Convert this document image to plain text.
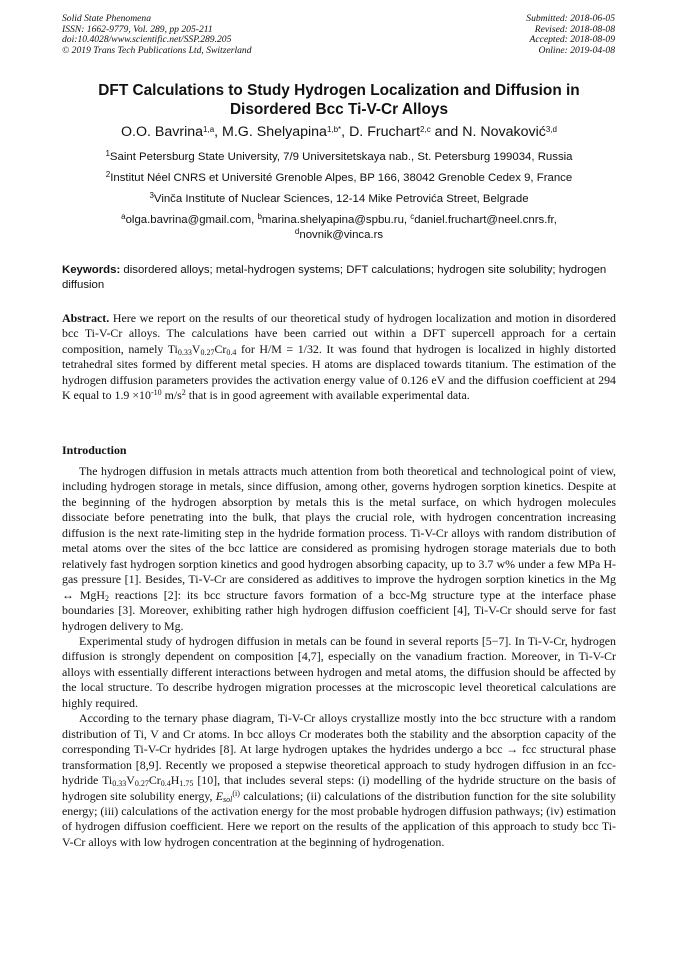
Solid State Phenomena
ISSN: 1662-9779, Vol. 289, pp 205-211
doi:10.4028/www.scientific.net/SSP.289.205
© 2019 Trans Tech Publications Ltd, Switzerland
Submitted: 2018-06-05
Revised: 2018-08-08
Accepted: 2018-08-09
Online: 2019-04-08
DFT Calculations to Study Hydrogen Localization and Diffusion in
Disordered Bcc Ti-V-Cr Alloys
O.O. Bavrina$^{1,a}$, M.G. Shelyapina$^{1,b*}$, D. Fruchart$^{2,c}$ and N. Novaković$^{3,d}$
$^1$Saint Petersburg State University, 7/9 Universitetskaya nab., St. Petersburg 199034, Russia
$^2$Institut Néel CNRS et Université Grenoble Alpes, BP 166, 38042 Grenoble Cedex 9, France
$^3$Vinča Institute of Nuclear Sciences, 12-14 Mike Petrovića Street, Belgrade
$^a$olga.bavrina@gmail.com, $^b$marina.shelyapina@spbu.ru, $^c$daniel.fruchart@neel.cnrs.fr,
$^d$novnik@vinca.rs
Keywords: disordered alloys; metal-hydrogen systems; DFT calculations; hydrogen site solubility; hydrogen diffusion
Abstract. Here we report on the results of our theoretical study of hydrogen localization and motion in disordered bcc Ti-V-Cr alloys. The calculations have been carried out within a DFT supercell approach for a certain composition, namely $Ti_{0.33}V_{0.27}Cr_{0.4}$ for H/M = 1/32. It was found that hydrogen is localized in highly distorted tetrahedral sites formed by different metal species. H atoms are displaced towards titanium. The estimation of the hydrogen diffusion parameters provides the activation energy value of 0.126 eV and the diffusion coefficient at 294 K equal to $1.9 \times 10^{-10}$ $m/s^2$ that is in good agreement with available experimental data.
Introduction

The hydrogen diffusion in metals attracts much attention from both theoretical and technological point of view, including hydrogen storage in metals, since diffusion, among other, governs hydrogen sorption kinetics. Despite at the beginning of the hydrogen absorption by metals this is the metal surface, on which hydrogen molecules dissociate before penetrating into the bulk, that plays the crucial role, with hydrogen concentration increasing diffusion is the next rate-limiting step in the hydride formation process. Ti-V-Cr alloys with random distribution of metal atoms over the sites of the bcc lattice are considered as promising hydrogen storage materials due to both relatively fast hydrogen sorption kinetics and good hydrogen absorbing capacity, up to 3.7 w% under a few MPa H-gas pressure [1]. Besides, Ti-V-Cr are considered as additives to improve the hydrogen sorption kinetics in the Mg ↔ MgH$_2$ reactions [2]: its bcc structure favors formation of a bcc-Mg structure type at the interface phase boundaries [3]. Moreover, exhibiting rather high hydrogen diffusion coefficient [4], Ti-V-Cr should serve for fast hydrogen delivery to Mg.

Experimental study of hydrogen diffusion in metals can be found in several reports [5−7]. In Ti-V-Cr, hydrogen diffusion is strongly dependent on composition [4,7], especially on the vanadium fraction. Moreover, in Ti-V-Cr alloys with essentially different interactions between hydrogen and metal atoms, the diffusion should be affected by the local structure. To describe hydrogen migration processes at the microscopic level theoretical calculations are highly required.

According to the ternary phase diagram, Ti-V-Cr alloys crystallize mostly into the bcc structure with a random distribution of Ti, V and Cr atoms. In bcc alloys Cr moderates both the stability and the absorption capacity of the corresponding Ti-V-Cr hydrides [8]. At large hydrogen uptakes the hydrides undergo a bcc → fcc structural phase transformation [8,9]. Recently we proposed a stepwise theoretical approach to study hydrogen diffusion in an fcc-hydride $Ti_{0.33}V_{0.27}Cr_{0.4}H_{1.75}$ [10], that includes several steps: (i) modelling of the hydride structure on the basis of hydrogen site solubility energy, $E_{sol}^{(i)}$ calculations; (ii) calculations of the distribution function for the site solubility energy; (iii) calculations of the activation energy for the most probable hydrogen diffusion pathways; (iv) estimation of hydrogen diffusion coefficient. Here we report on the results of the application of this approach to study bcc Ti-V-Cr alloys with low hydrogen concentration at the beginning of hydrogenation.
